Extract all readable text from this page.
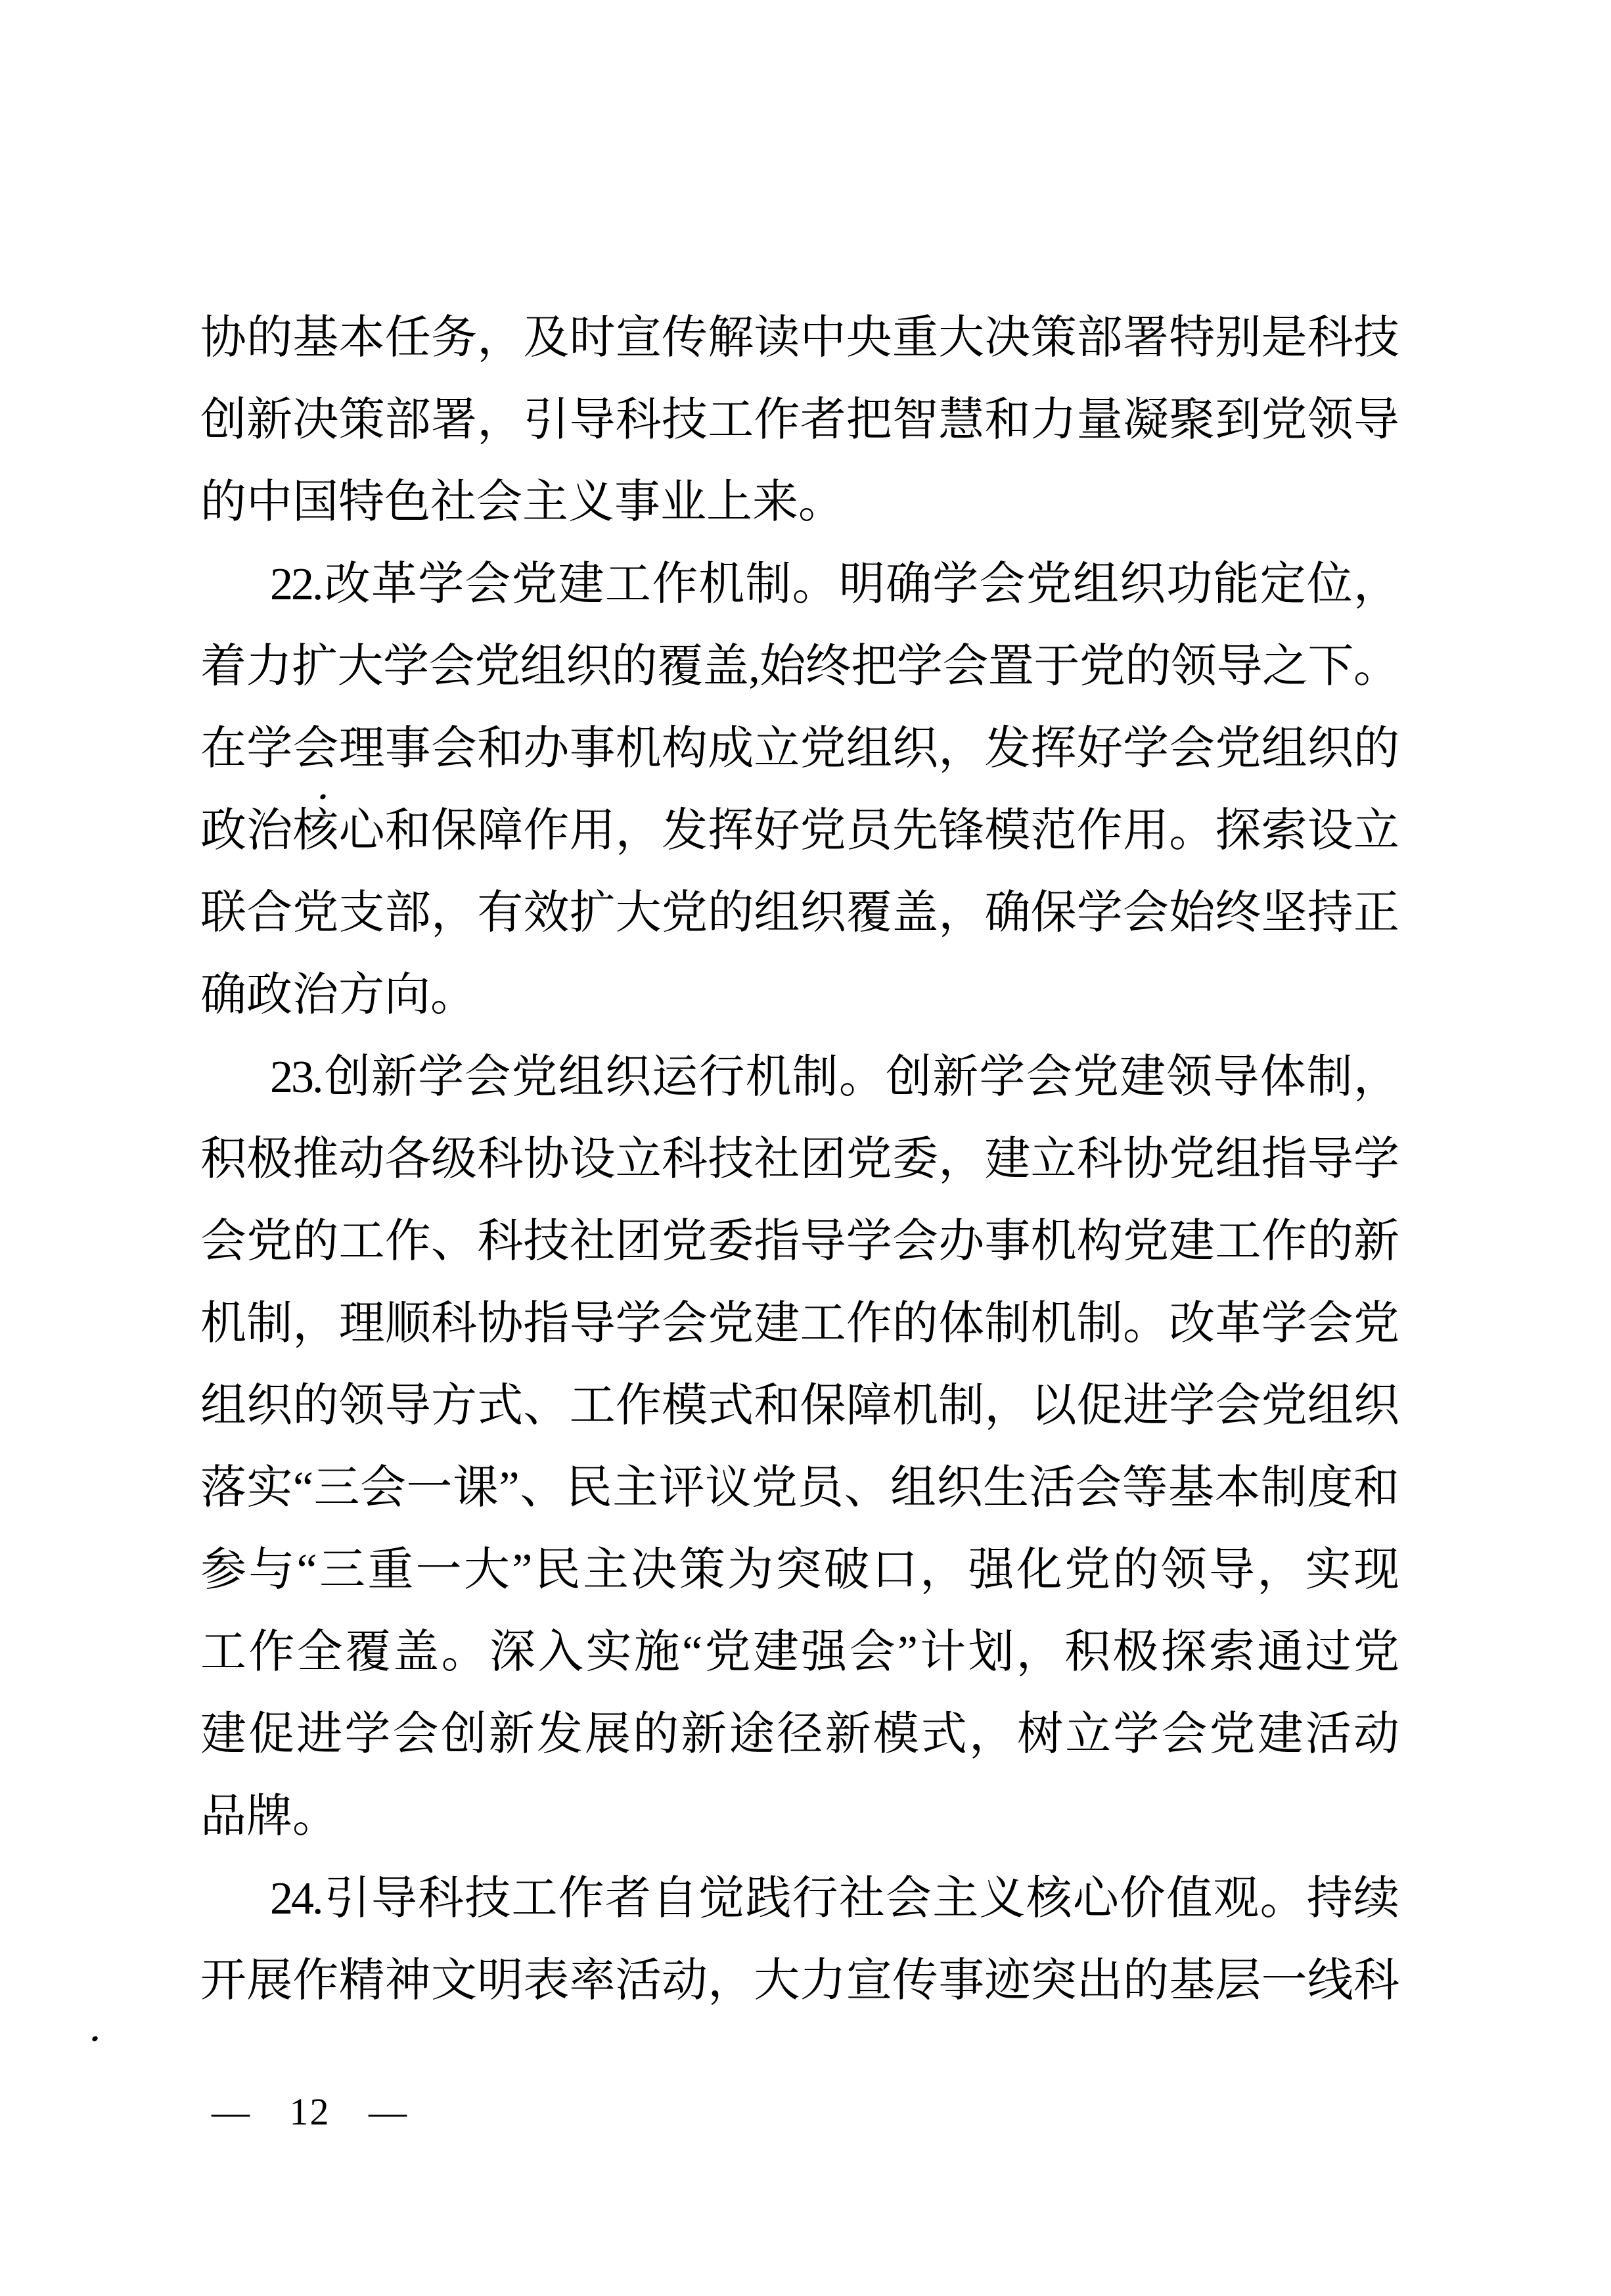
协的基本任务，及时宣传解读中央重大决策部署特别是科技
创新决策部署，引导科技工作者把智慧和力量凝聚到党领导
的中国特色社会主义事业上来。
22.改革学会党建工作机制。明确学会党组织功能定位，
着力扩大学会党组织的覆盖,始终把学会置于党的领导之下。
在学会理事会和办事机构成立党组织，发挥好学会党组织的
政治核心和保障作用，发挥好党员先锋模范作用。探索设立
联合党支部，有效扩大党的组织覆盖，确保学会始终坚持正
确政治方向。
23.创新学会党组织运行机制。创新学会党建领导体制，
积极推动各级科协设立科技社团党委，建立科协党组指导学
会党的工作、科技社团党委指导学会办事机构党建工作的新
机制，理顺科协指导学会党建工作的体制机制。改革学会党
组织的领导方式、工作模式和保障机制，以促进学会党组织
落实“三会一课”、民主评议党员、组织生活会等基本制度和
参与“三重一大”民主决策为突破口，强化党的领导，实现
工作全覆盖。深入实施“党建强会”计划，积极探索通过党
建促进学会创新发展的新途径新模式，树立学会党建活动
品牌。
24.引导科技工作者自觉践行社会主义核心价值观。持续
开展作精神文明表率活动，大力宣传事迹突出的基层一线科
— 12 —
